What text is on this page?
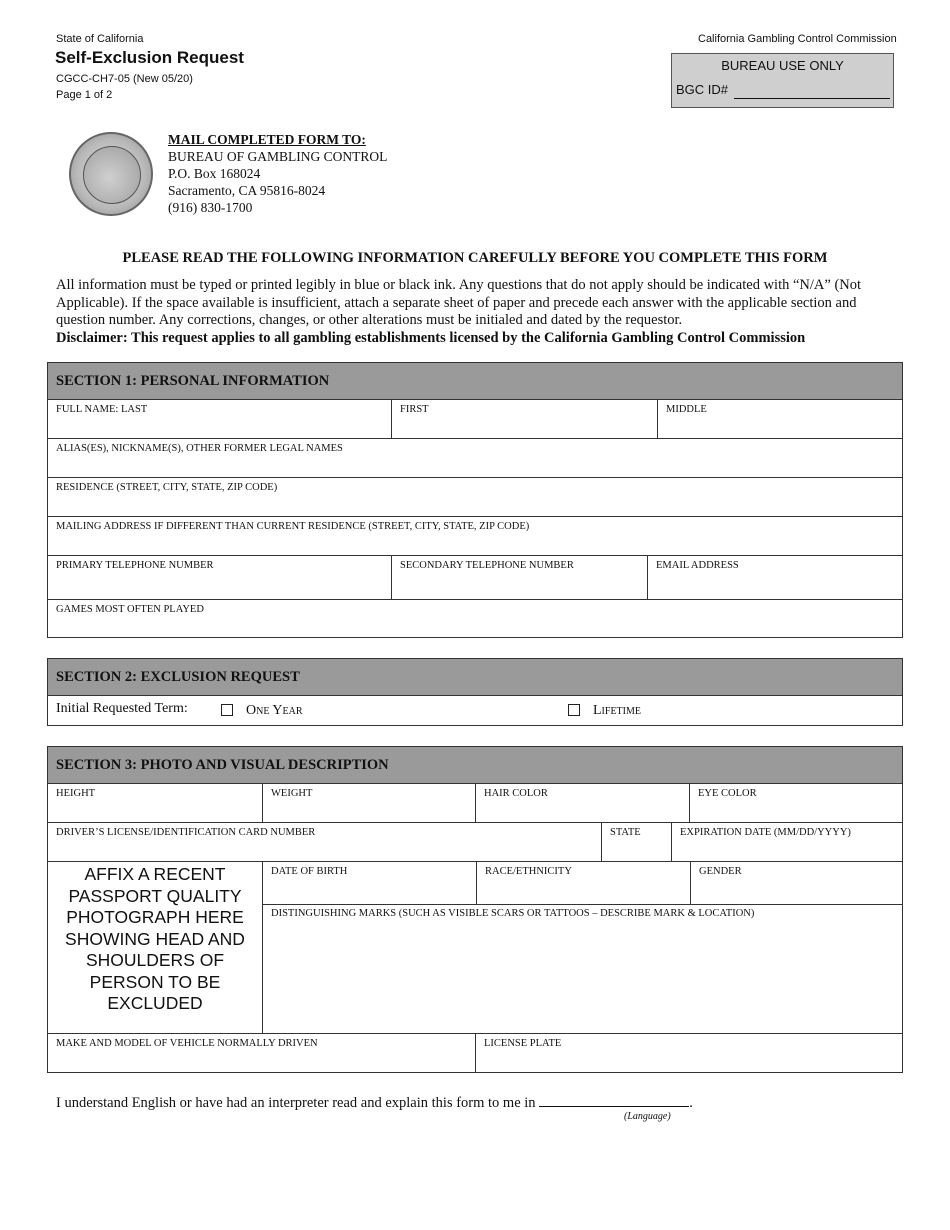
State of California
Self-Exclusion Request
CGCC-CH7-05 (New 05/20)
Page 1 of 2
California Gambling Control Commission
BUREAU USE ONLY
BGC ID#
MAIL COMPLETED FORM TO:
BUREAU OF GAMBLING CONTROL
P.O. Box 168024
Sacramento, CA 95816-8024
(916) 830-1700
PLEASE READ THE FOLLOWING INFORMATION CAREFULLY BEFORE YOU COMPLETE THIS FORM
All information must be typed or printed legibly in blue or black ink. Any questions that do not apply should be indicated with “N/A” (Not Applicable). If the space available is insufficient, attach a separate sheet of paper and precede each answer with the applicable section and question number. Any corrections, changes, or other alterations must be initialed and dated by the requestor.
Disclaimer: This request applies to all gambling establishments licensed by the California Gambling Control Commission
SECTION 1: PERSONAL INFORMATION
FULL NAME: LAST	FIRST	MIDDLE
ALIAS(ES), NICKNAME(S), OTHER FORMER LEGAL NAMES
RESIDENCE (STREET, CITY, STATE, ZIP CODE)
MAILING ADDRESS IF DIFFERENT THAN CURRENT RESIDENCE (STREET, CITY, STATE, ZIP CODE)
PRIMARY TELEPHONE NUMBER	SECONDARY TELEPHONE NUMBER	EMAIL ADDRESS
GAMES MOST OFTEN PLAYED
SECTION 2: EXCLUSION REQUEST
Initial Requested Term:	One Year	Lifetime
SECTION 3: PHOTO AND VISUAL DESCRIPTION
HEIGHT	WEIGHT	HAIR COLOR	EYE COLOR
DRIVER’S LICENSE/IDENTIFICATION CARD NUMBER	STATE	EXPIRATION DATE (MM/DD/YYYY)
AFFIX A RECENT PASSPORT QUALITY PHOTOGRAPH HERE SHOWING HEAD AND SHOULDERS OF PERSON TO BE EXCLUDED
DATE OF BIRTH	RACE/ETHNICITY	GENDER
DISTINGUISHING MARKS (SUCH AS VISIBLE SCARS OR TATTOOS – DESCRIBE MARK & LOCATION)
MAKE AND MODEL OF VEHICLE NORMALLY DRIVEN	LICENSE PLATE
I understand English or have had an interpreter read and explain this form to me in	.
(Language)
